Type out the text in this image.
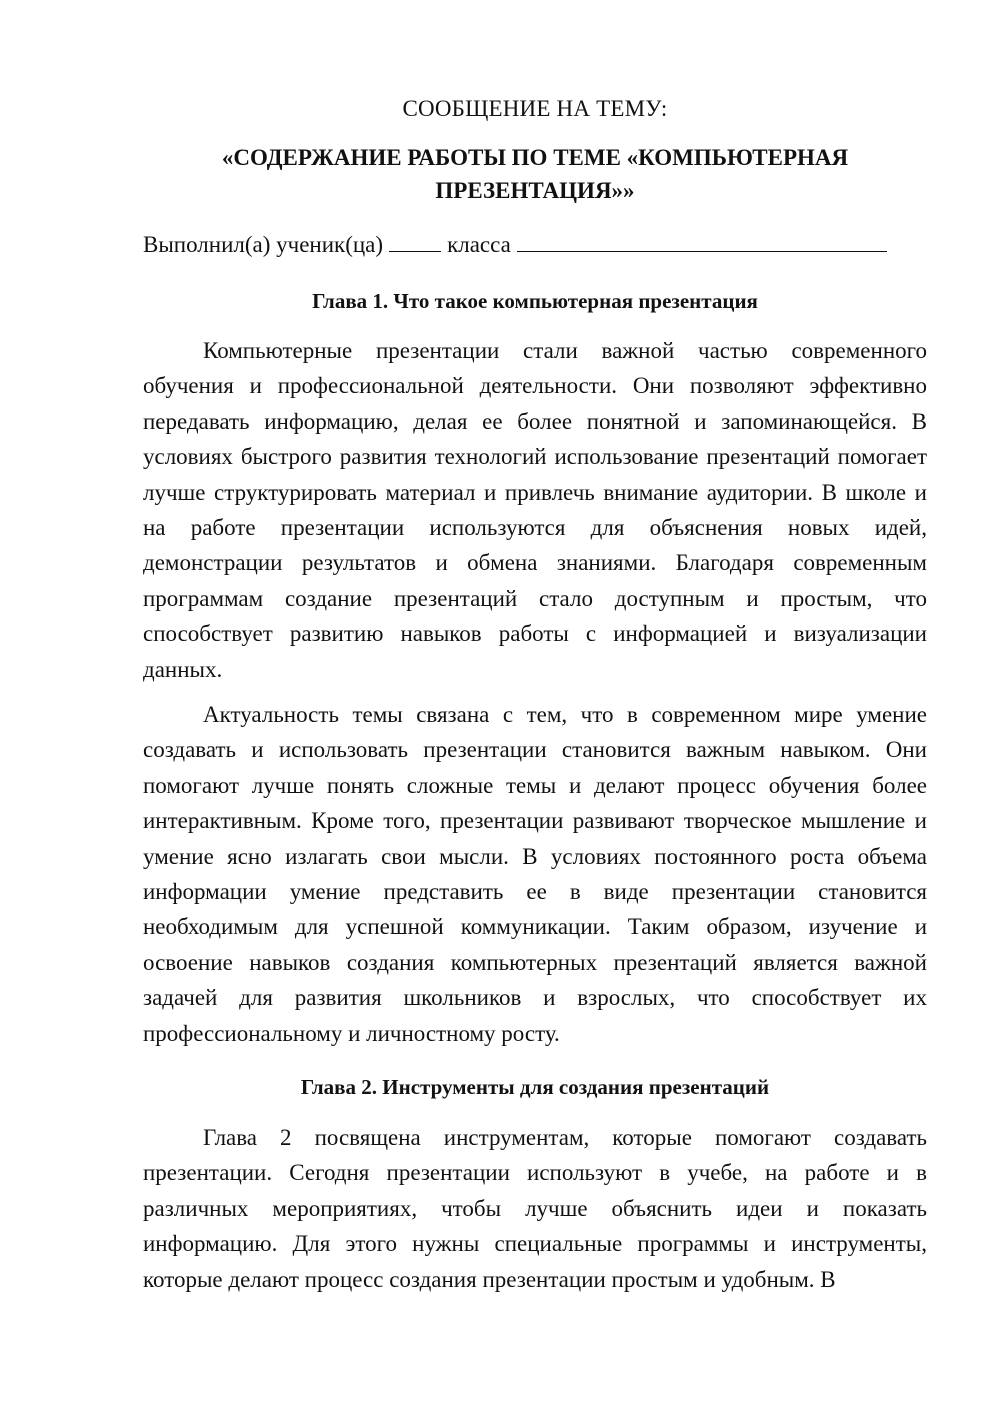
СООБЩЕНИЕ НА ТЕМУ:
«СОДЕРЖАНИЕ РАБОТЫ ПО ТЕМЕ «КОМПЬЮТЕРНАЯ ПРЕЗЕНТАЦИЯ»»
Выполнил(а) ученик(ца)	класса
Глава 1. Что такое компьютерная презентация

Компьютерные презентации стали важной частью современного обучения и профессиональной деятельности. Они позволяют эффективно передавать информацию, делая ее более понятной и запоминающейся. В условиях быстрого развития технологий использование презентаций помогает лучше структурировать материал и привлечь внимание аудитории. В школе и на работе презентации используются для объяснения новых идей, демонстрации результатов и обмена знаниями. Благодаря современным программам создание презентаций стало доступным и простым, что способствует развитию навыков работы с информацией и визуализации данных.

Актуальность темы связана с тем, что в современном мире умение создавать и использовать презентации становится важным навыком. Они помогают лучше понять сложные темы и делают процесс обучения более интерактивным. Кроме того, презентации развивают творческое мышление и умение ясно излагать свои мысли. В условиях постоянного роста объема информации умение представить ее в виде презентации становится необходимым для успешной коммуникации. Таким образом, изучение и освоение навыков создания компьютерных презентаций является важной задачей для развития школьников и взрослых, что способствует их профессиональному и личностному росту.

Глава 2. Инструменты для создания презентаций

Глава 2 посвящена инструментам, которые помогают создавать презентации. Сегодня презентации используют в учебе, на работе и в различных мероприятиях, чтобы лучше объяснить идеи и показать информацию. Для этого нужны специальные программы и инструменты, которые делают процесс создания презентации простым и удобным. В
